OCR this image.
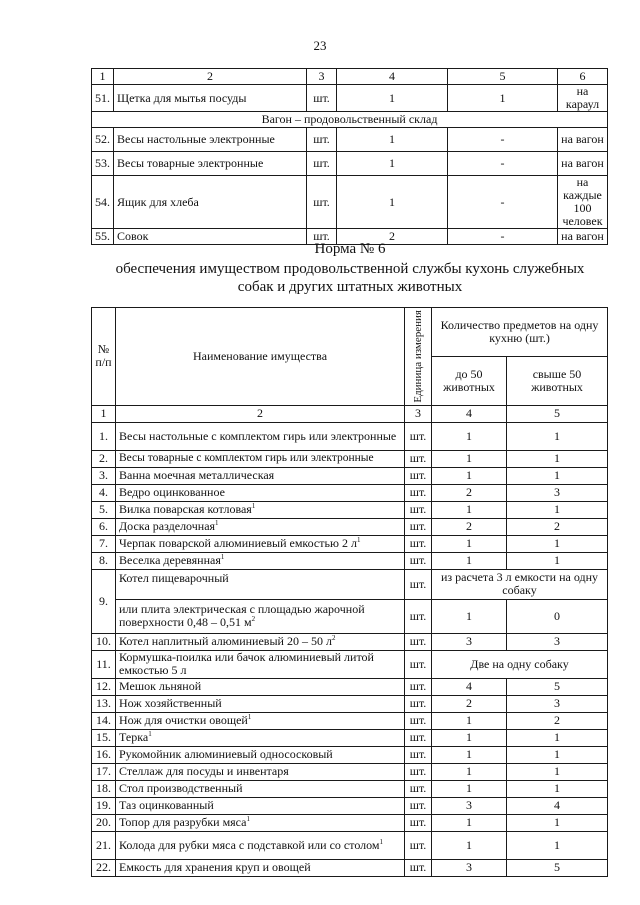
23
1	2	3	4	5	6
51.	Щетка для мытья посуды	шт.	1	1	на караул
Вагон – продовольственный склад					
52.	Весы настольные электронные	шт.	1	-	на вагон
53.	Весы товарные электронные	шт.	1	-	на вагон
54.	Ящик для хлеба	шт.	1	-	на каждые 100 человек
55.	Совок	шт.	2	-	на вагон
Норма № 6
обеспечения имуществом продовольственной службы кухонь служебных
собак и других штатных животных
№ п/п	Наименование имущества	Единица измерения	Количество предметов на одну кухню (шт.)	
			до 50 животных	свыше 50 животных
1	2	3	4	5
1.	Весы настольные с комплектом гирь или электронные	шт.	1	1
2.	Весы товарные с комплектом гирь или электронные	шт.	1	1
3.	Ванна моечная металлическая	шт.	1	1
4.	Ведро оцинкованное	шт.	2	3
5.	Вилка поварская котловая$^1$	шт.	1	1
6.	Доска разделочная$^1$	шт.	2	2
7.	Черпак поварской алюминиевый емкостью 2 $л^1$	шт.	1	1
8.	Веселка деревянная$^1$	шт.	1	1
9.	Котел пищеварочный	шт.	из расчета 3 л емкости на одну собаку	
	или плита электрическая с площадью жарочной поверхности 0,48 – 0,51 $м^2$	шт.	1	0
10.	Котел наплитный алюминиевый 20 – 50 $л^2$	шт.	3	3
11.	Кормушка-поилка или бачок алюминиевый литой емкостью 5 л	шт.	Две на одну собаку	
12.	Мешок льняной	шт.	4	5
13.	Нож хозяйственный	шт.	2	3
14.	Нож для очистки овощей$^1$	шт.	1	2
15.	Терка$^1$	шт.	1	1
16.	Рукомойник алюминиевый однососковый	шт.	1	1
17.	Стеллаж для посуды и инвентаря	шт.	1	1
18.	Стол производственный	шт.	1	1
19.	Таз оцинкованный	шт.	3	4
20.	Топор для разрубки мяса$^1$	шт.	1	1
21.	Колода для рубки мяса с подставкой или со столом$^1$	шт.	1	1
22.	Емкость для хранения круп и овощей	шт.	3	5
